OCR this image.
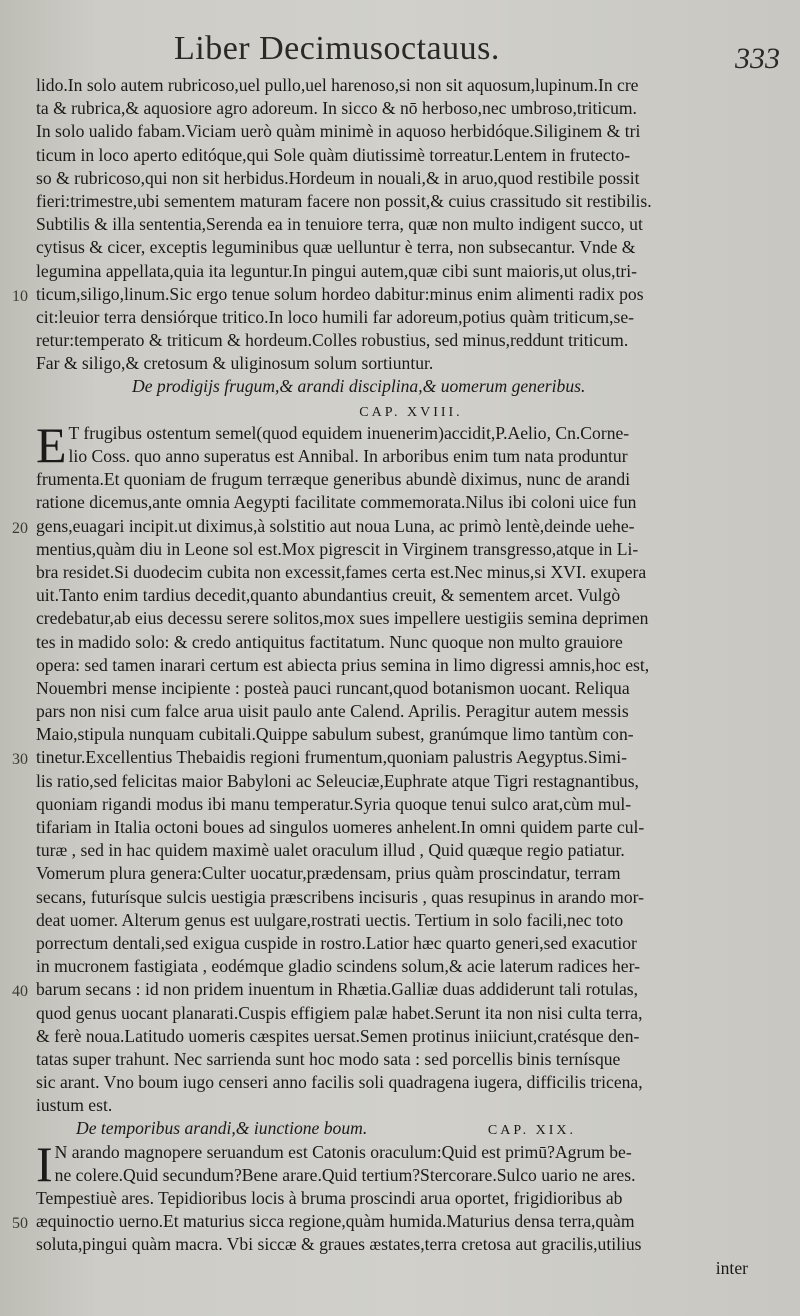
Liber Decimusoctauus.	333
lido.In solo autem rubricoso,uel pullo,uel harenoso,si non sit aquosum,lupinum.In cre
ta & rubrica,& aquosiore agro adoreum. In sicco & nō herboso,nec umbroso,triticum.
In solo ualido fabam.Viciam uerò quàm minimè in aquoso herbidóque.Siliginem & tri
ticum in loco aperto editóque,qui Sole quàm diutissimè torreatur.Lentem in frutecto-
so & rubricoso,qui non sit herbidus.Hordeum in nouali,& in aruo,quod restibile possit
fieri:trimestre,ubi sementem maturam facere non possit,& cuius crassitudo sit restibilis.
Subtilis & illa sententia,Serenda ea in tenuiore terra, quæ non multo indigent succo, ut
cytisus & cicer, exceptis leguminibus quæ uelluntur è terra, non subsecantur. Vnde &
legumina appellata,quia ita leguntur.In pingui autem,quæ cibi sunt maioris,ut olus,tri-
10 ticum,siligo,linum.Sic ergo tenue solum hordeo dabitur:minus enim alimenti radix pos
cit:leuior terra densiórque tritico.In loco humili far adoreum,potius quàm triticum,se-
retur:temperato & triticum & hordeum.Colles robustius, sed minus,reddunt triticum.
Far & siligo,& cretosum & uliginosum solum sortiuntur.
De prodigijs frugum,& arandi disciplina,& uomerum generibus.
CAP. XVIII.
E T frugibus ostentum semel(quod equidem inuenerim)accidit,P.Aelio, Cn.Corne-
lio Coss. quo anno superatus est Annibal. In arboribus enim tum nata produntur
frumenta.Et quoniam de frugum terræque generibus abundè diximus, nunc de arandi
ratione dicemus,ante omnia Aegypti facilitate commemorata.Nilus ibi coloni uice fun
20 gens,euagari incipit.ut diximus,à solstitio aut noua Luna, ac primò lentè,deinde uehe-
mentius,quàm diu in Leone sol est.Mox pigrescit in Virginem transgresso,atque in Li-
bra residet.Si duodecim cubita non excessit,fames certa est.Nec minus,si XVI. exupera
uit.Tanto enim tardius decedit,quanto abundantius creuit, & sementem arcet. Vulgò
credebatur,ab eius decessu serere solitos,mox sues impellere uestigiis semina deprimen
tes in madido solo: & credo antiquitus factitatum. Nunc quoque non multo grauiore
opera: sed tamen inarari certum est abiecta prius semina in limo digressi amnis,hoc est,
Nouembri mense incipiente : posteà pauci runcant,quod botanismon uocant. Reliqua
pars non nisi cum falce arua uisit paulo ante Calend. Aprilis. Peragitur autem messis
Maio,stipula nunquam cubitali.Quippe sabulum subest, granúmque limo tantùm con-
30 tinetur.Excellentius Thebaidis regioni frumentum,quoniam palustris Aegyptus.Simi-
lis ratio,sed felicitas maior Babyloni ac Seleuciæ,Euphrate atque Tigri restagnantibus,
quoniam rigandi modus ibi manu temperatur.Syria quoque tenui sulco arat,cùm mul-
tifariam in Italia octoni boues ad singulos uomeres anhelent.In omni quidem parte cul-
turæ , sed in hac quidem maximè ualet oraculum illud , Quid quæque regio patiatur.
Vomerum plura genera:Culter uocatur,prædensam, prius quàm proscindatur, terram
secans, futurísque sulcis uestigia præscribens incisuris , quas resupinus in arando mor-
deat uomer. Alterum genus est uulgare,rostrati uectis. Tertium in solo facili,nec toto
porrectum dentali,sed exigua cuspide in rostro.Latior hæc quarto generi,sed exacutior
in mucronem fastigiata , eodémque gladio scindens solum,& acie laterum radices her-
40 barum secans : id non pridem inuentum in Rhætia.Galliæ duas addiderunt tali rotulas,
quod genus uocant planarati.Cuspis effigiem palæ habet.Serunt ita non nisi culta terra,
& ferè noua.Latitudo uomeris cæspites uersat.Semen protinus iniiciunt,cratésque den-
tatas super trahunt. Nec sarrienda sunt hoc modo sata : sed porcellis binis ternísque
sic arant. Vno boum iugo censeri anno facilis soli quadragena iugera, difficilis tricena,
iustum est.
De temporibus arandi,& iunctione boum.	CAP. XIX.
I N arando magnopere seruandum est Catonis oraculum:Quid est primū?Agrum be-
ne colere.Quid secundum?Bene arare.Quid tertium?Stercorare.Sulco uario ne ares.
Tempestiuè ares. Tepidioribus locis à bruma proscindi arua oportet, frigidioribus ab
50 æquinoctio uerno.Et maturius sicca regione,quàm humida.Maturius densa terra,quàm
soluta,pingui quàm macra. Vbi siccæ & graues æstates,terra cretosa aut gracilis,utilius
inter
